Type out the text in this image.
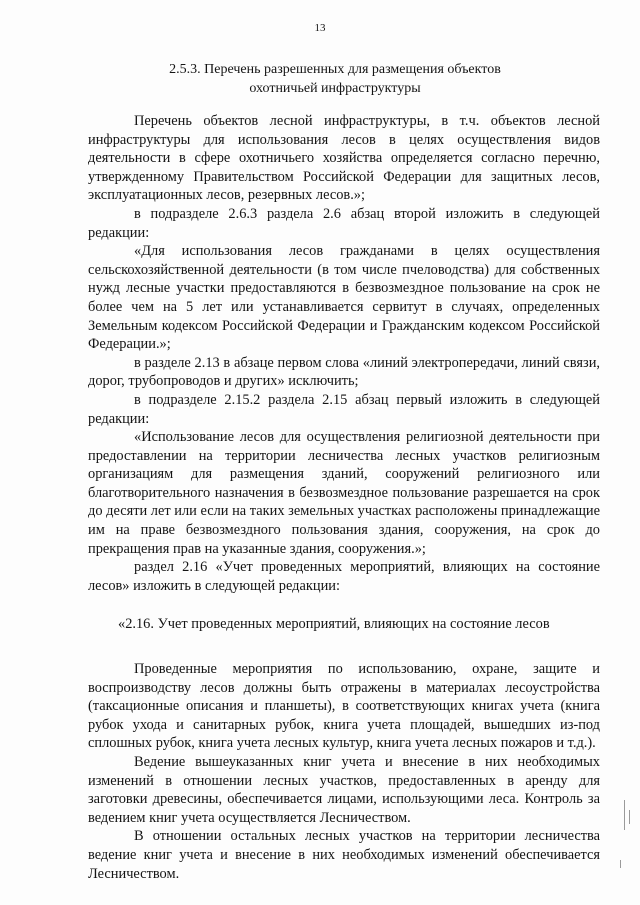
13
2.5.3. Перечень разрешенных для размещения объектов
охотничьей инфраструктуры

Перечень объектов лесной инфраструктуры, в т.ч. объектов лесной инфраструктуры для использования лесов в целях осуществления видов деятельности в сфере охотничьего хозяйства определяется согласно перечню, утвержденному Правительством Российской Федерации для защитных лесов, эксплуатационных лесов, резервных лесов.»;

в подразделе 2.6.3 раздела 2.6 абзац второй изложить в следующей редакции:

«Для использования лесов гражданами в целях осуществления сельскохозяйственной деятельности (в том числе пчеловодства) для собственных нужд лесные участки предоставляются в безвозмездное пользование на срок не более чем на 5 лет или устанавливается сервитут в случаях, определенных Земельным кодексом Российской Федерации и Гражданским кодексом Российской Федерации.»;

в разделе 2.13 в абзаце первом слова «линий электропередачи, линий связи, дорог, трубопроводов и других» исключить;

в подразделе 2.15.2 раздела 2.15 абзац первый изложить в следующей редакции:

«Использование лесов для осуществления религиозной деятельности при предоставлении на территории лесничества лесных участков религиозным организациям для размещения зданий, сооружений религиозного или благотворительного назначения в безвозмездное пользование разрешается на срок до десяти лет или если на таких земельных участках расположены принадлежащие им на праве безвозмездного пользования здания, сооружения, на срок до прекращения прав на указанные здания, сооружения.»;

раздел 2.16 «Учет проведенных мероприятий, влияющих на состояние лесов» изложить в следующей редакции:

«2.16. Учет проведенных мероприятий, влияющих на состояние лесов

Проведенные мероприятия по использованию, охране, защите и воспроизводству лесов должны быть отражены в материалах лесоустройства (таксационные описания и планшеты), в соответствующих книгах учета (книга рубок ухода и санитарных рубок, книга учета площадей, вышедших из-под сплошных рубок, книга учета лесных культур, книга учета лесных пожаров и т.д.).

Ведение вышеуказанных книг учета и внесение в них необходимых изменений в отношении лесных участков, предоставленных в аренду для заготовки древесины, обеспечивается лицами, использующими леса. Контроль за ведением книг учета осуществляется Лесничеством.

В отношении остальных лесных участков на территории лесничества ведение книг учета и внесение в них необходимых изменений обеспечивается Лесничеством.
